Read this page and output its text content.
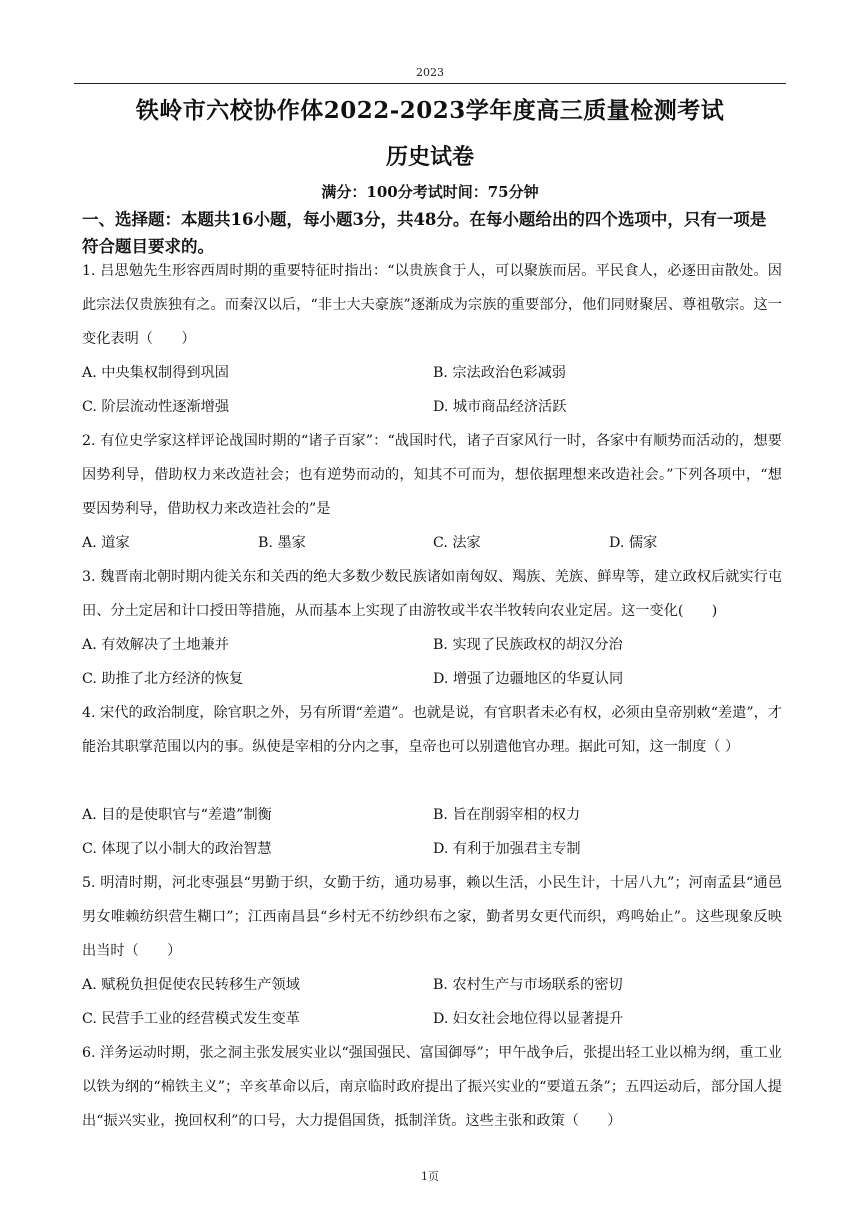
2023
铁岭市六校协作体2022-2023学年度高三质量检测考试
历史试卷
满分：100分考试时间：75分钟
一、选择题：本题共16小题，每小题3分，共48分。在每小题给出的四个选项中，只有一项是符合题目要求的。
1. 吕思勉先生形容西周时期的重要特征时指出：“以贵族食于人，可以聚族而居。平民食人，必逐田亩散处。因此宗法仅贵族独有之。而秦汉以后，“非士大夫豪族”逐渐成为宗族的重要部分，他们同财聚居、尊祖敬宗。这一变化表明（　　）
A. 中央集权制得到巩固	B. 宗法政治色彩减弱
C. 阶层流动性逐渐增强	D. 城市商品经济活跃
2. 有位史学家这样评论战国时期的“诸子百家”：“战国时代，诸子百家风行一时，各家中有顺势而活动的，想要因势利导，借助权力来改造社会；也有逆势而动的，知其不可而为，想依据理想来改造社会。”下列各项中，“想要因势利导，借助权力来改造社会的”是
A. 道家	B. 墨家	C. 法家	D. 儒家
3. 魏晋南北朝时期内徙关东和关西的绝大多数少数民族诸如南匈奴、羯族、羌族、鲜卑等，建立政权后就实行屯田、分土定居和计口授田等措施，从而基本上实现了由游牧或半农半牧转向农业定居。这一变化(　　)
A. 有效解决了土地兼并	B. 实现了民族政权的胡汉分治
C. 助推了北方经济的恢复	D. 增强了边疆地区的华夏认同
4. 宋代的政治制度，除官职之外，另有所谓“差遣”。也就是说，有官职者未必有权，必须由皇帝别敕“差遣”，才能治其职掌范围以内的事。纵使是宰相的分内之事，皇帝也可以别遣他官办理。据此可知，这一制度（ ）
A. 目的是使职官与“差遣”制衡	B. 旨在削弱宰相的权力
C. 体现了以小制大的政治智慧	D. 有利于加强君主专制
5. 明清时期，河北枣强县“男勤于织，女勤于纺，通功易事，赖以生活，小民生计，十居八九”；河南孟县“通邑男女唯赖纺织营生糊口”；江西南昌县“乡村无不纺纱织布之家，勤者男女更代而织，鸡鸣始止”。这些现象反映出当时（　　）
A. 赋税负担促使农民转移生产领域	B. 农村生产与市场联系的密切
C. 民营手工业的经营模式发生变革	D. 妇女社会地位得以显著提升
6. 洋务运动时期，张之洞主张发展实业以“强国强民、富国御辱”；甲午战争后，张提出轻工业以棉为纲，重工业以铁为纲的“棉铁主义”；辛亥革命以后，南京临时政府提出了振兴实业的“要道五条”；五四运动后，部分国人提出“振兴实业，挽回权利”的口号，大力提倡国货，抵制洋货。这些主张和政策（　　）
1页
